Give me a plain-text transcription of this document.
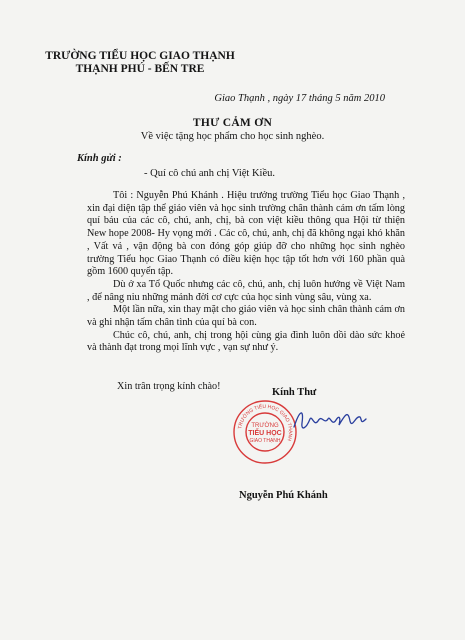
TRƯỜNG TIỂU HỌC GIAO THẠNH
THẠNH PHÚ - BẾN TRE
Giao Thạnh , ngày 17 tháng 5 năm 2010
THƯ CẢM ƠN
Về việc tặng học phẩm cho học sinh nghèo.
Kính gửi :
- Quí cô chú anh chị Việt Kiều.

Tôi : Nguyễn Phú Khánh . Hiệu trưởng trường Tiểu học Giao Thạnh , xin đại diện tập thể giáo viên và học sinh trường chân thành cám ơn tấm lòng quí báu của các cô, chú, anh, chị, bà con việt kiều thông qua Hội từ thiện New hope 2008- Hy vọng mới . Các cô, chú, anh, chị đã không ngại khó khăn , Vất vả , vận động bà con đóng góp giúp đỡ cho những học sinh nghèo trường Tiểu học Giao Thạnh có điều kiện học tập tốt hơn với 160 phần quà gồm 1600 quyển tập.

Dù ở xa Tổ Quốc nhưng các cô, chú, anh, chị luôn hướng về Việt Nam , để nâng niu những mảnh đời cơ cực của học sinh vùng sâu, vùng xa.

Một lần nữa, xin thay mặt cho giáo viên và học sinh chân thành cám ơn và ghi nhận tấm chân tình của quí bà con.

Chúc cô, chú, anh, chị trong hội cùng gia đình luôn dồi dào sức khoẻ và thành đạt trong mọi lĩnh vực , vạn sự như ý.

Xin trân trọng kính chào!
Kính Thư
TRƯỜNG TIỂU HỌC GIAO THẠNH
TRƯỜNG
TIỂU HỌC
GIAO THẠNH
Nguyễn Phú Khánh
